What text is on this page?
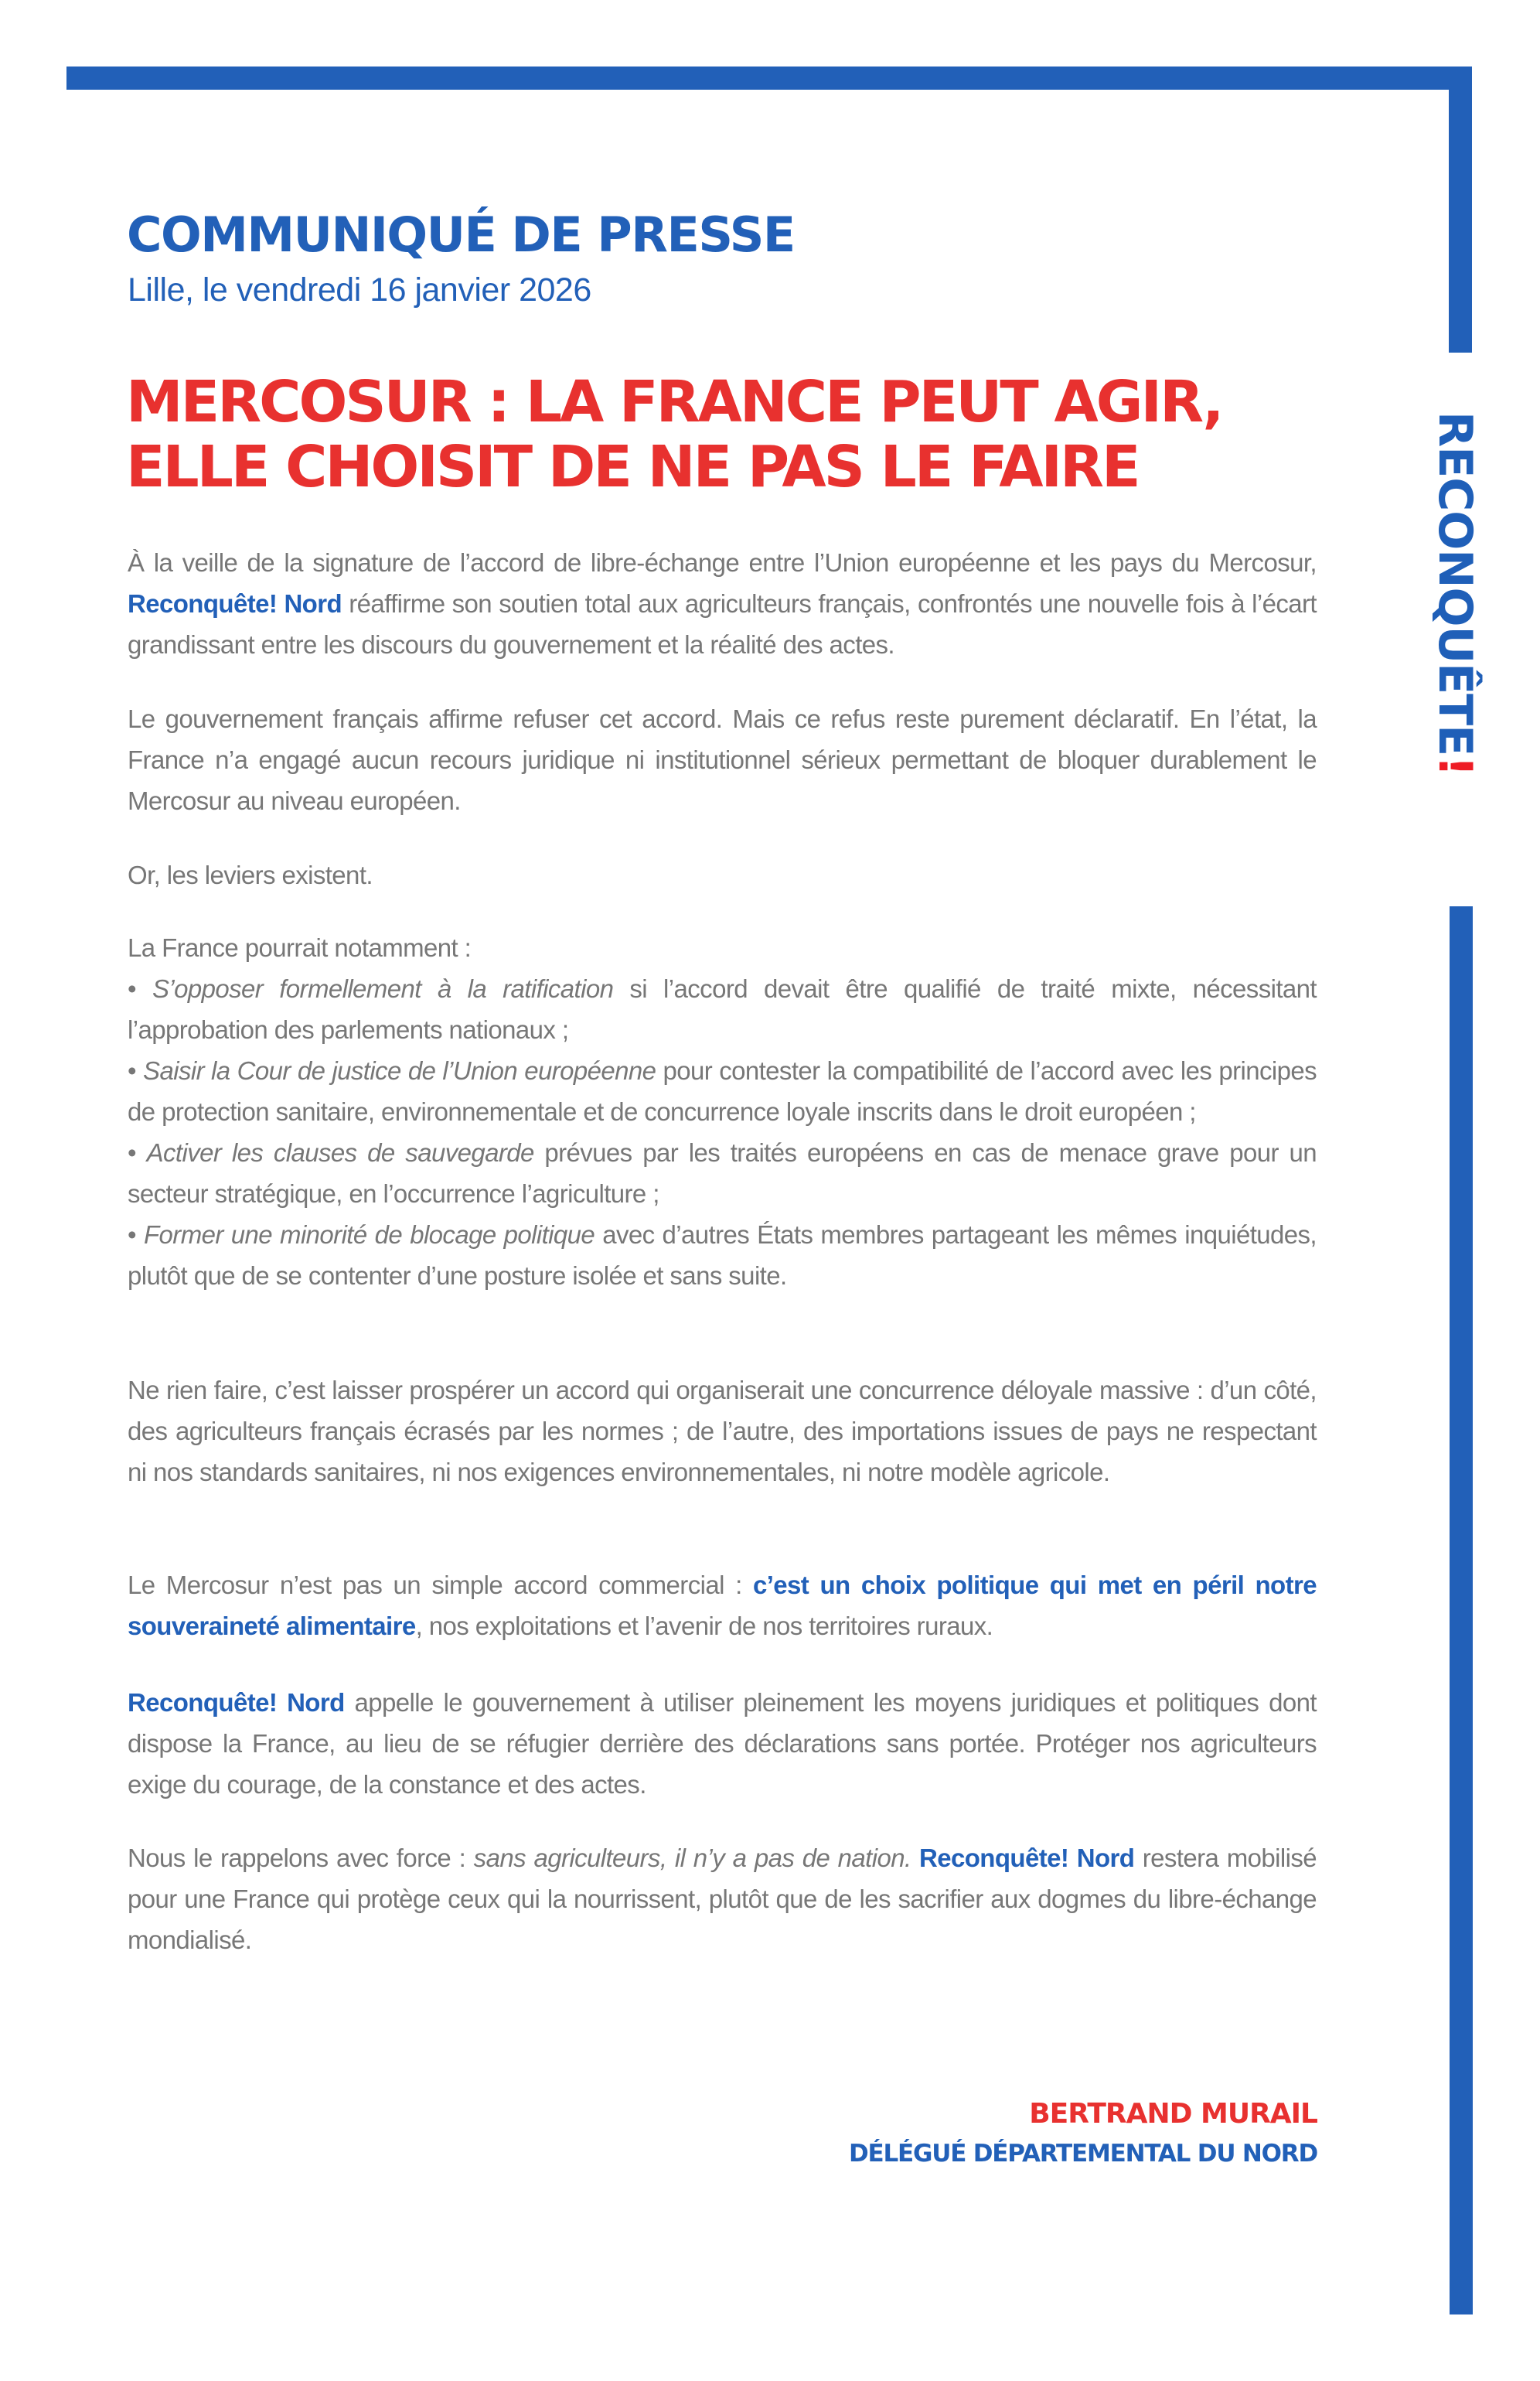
RECONQUÊTE
!
COMMUNIQUÉ DE PRESSE
Lille, le vendredi 16 janvier 2026
MERCOSUR : LA FRANCE PEUT AGIR,
ELLE CHOISIT DE NE PAS LE FAIRE
À la veille de la signature de l’accord de libre-échange entre l’Union européenne et les pays du Mercosur, Reconquête! Nord réaffirme son soutien total aux agriculteurs français, confrontés une nouvelle fois à l’écart grandissant entre les discours du gouvernement et la réalité des actes.
Le gouvernement français affirme refuser cet accord. Mais ce refus reste purement déclaratif. En l’état, la France n’a engagé aucun recours juridique ni institutionnel sérieux permettant de bloquer durablement le Mercosur au niveau européen.
Or, les leviers existent.
La France pourrait notamment :
• S’opposer formellement à la ratification si l’accord devait être qualifié de traité mixte, nécessitant l’approbation des parlements nationaux ;
• Saisir la Cour de justice de l’Union européenne pour contester la compatibilité de l’accord avec les principes de protection sanitaire, environnementale et de concurrence loyale inscrits dans le droit européen ;
• Activer les clauses de sauvegarde prévues par les traités européens en cas de menace grave pour un secteur stratégique, en l’occurrence l’agriculture ;
• Former une minorité de blocage politique avec d’autres États membres partageant les mêmes inquiétudes, plutôt que de se contenter d’une posture isolée et sans suite.
Ne rien faire, c’est laisser prospérer un accord qui organiserait une concurrence déloyale massive : d’un côté, des agriculteurs français écrasés par les normes ; de l’autre, des importations issues de pays ne respectant ni nos standards sanitaires, ni nos exigences environnementales, ni notre modèle agricole.
Le Mercosur n’est pas un simple accord commercial : c’est un choix politique qui met en péril notre souveraineté alimentaire, nos exploitations et l’avenir de nos territoires ruraux.
Reconquête! Nord appelle le gouvernement à utiliser pleinement les moyens juridiques et politiques dont dispose la France, au lieu de se réfugier derrière des déclarations sans portée. Protéger nos agriculteurs exige du courage, de la constance et des actes.
Nous le rappelons avec force : sans agriculteurs, il n’y a pas de nation. Reconquête! Nord restera mobilisé pour une France qui protège ceux qui la nourrissent, plutôt que de les sacrifier aux dogmes du libre-échange mondialisé.
BERTRAND MURAIL
DÉLÉGUÉ DÉPARTEMENTAL DU NORD
